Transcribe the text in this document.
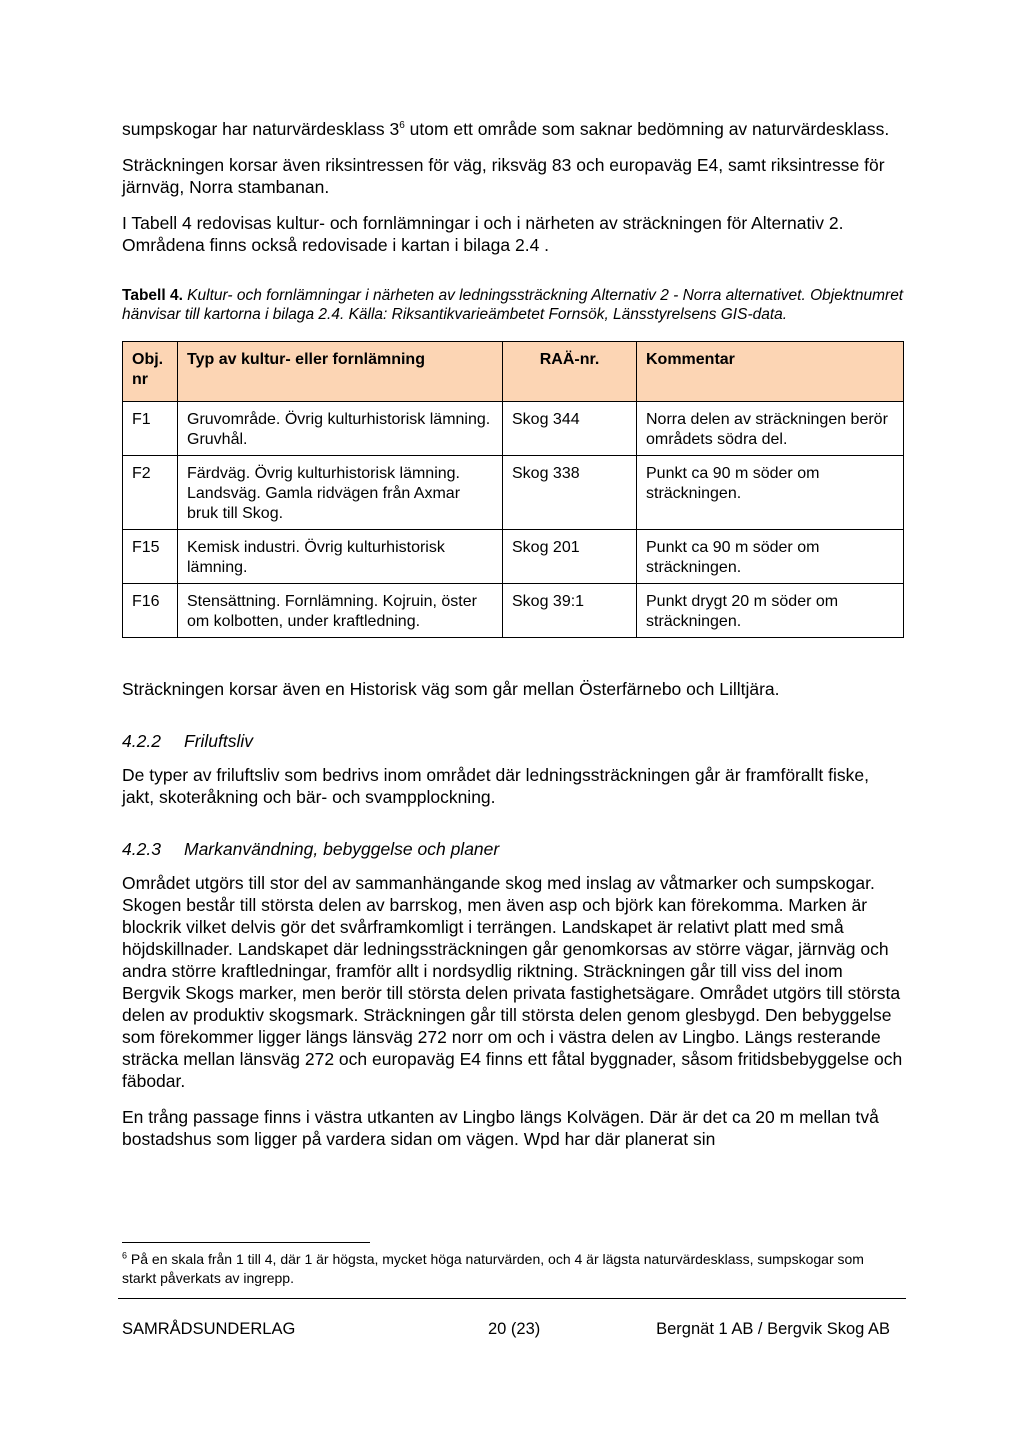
sumpskogar har naturvärdesklass $3^6$ utom ett område som saknar bedömning av naturvärdesklass.

Sträckningen korsar även riksintressen för väg, riksväg 83 och europaväg E4, samt riksintresse för järnväg, Norra stambanan.

I Tabell 4 redovisas kultur- och fornlämningar i och i närheten av sträckningen för Alternativ 2. Områdena finns också redovisade i kartan i bilaga 2.4 .

Tabell 4. Kultur- och fornlämningar i närheten av ledningssträckning Alternativ 2 - Norra alternativet. Objektnumret hänvisar till kartorna i bilaga 2.4. Källa: Riksantikvarieämbetet Fornsök, Länsstyrelsens GIS-data.
Obj. nr	Typ av kultur- eller fornlämning	RAÄ-nr.	Kommentar
F1	Gruvområde. Övrig kulturhistorisk lämning. Gruvhål.	Skog 344	Norra delen av sträckningen berör områdets södra del.
F2	Färdväg. Övrig kulturhistorisk lämning. Landsväg. Gamla ridvägen från Axmar bruk till Skog.	Skog 338	Punkt ca 90 m söder om sträckningen.
F15	Kemisk industri. Övrig kulturhistorisk lämning.	Skog 201	Punkt ca 90 m söder om sträckningen.
F16	Stensättning. Fornlämning. Kojruin, öster om kolbotten, under kraftledning.	Skog 39:1	Punkt drygt 20 m söder om sträckningen.

Sträckningen korsar även en Historisk väg som går mellan Österfärnebo och Lilltjära.

4.2.2 Friluftsliv

De typer av friluftsliv som bedrivs inom området där ledningssträckningen går är framförallt fiske, jakt, skoteråkning och bär- och svampplockning.

4.2.3 Markanvändning, bebyggelse och planer

Området utgörs till stor del av sammanhängande skog med inslag av våtmarker och sumpskogar. Skogen består till största delen av barrskog, men även asp och björk kan förekomma. Marken är blockrik vilket delvis gör det svårframkomligt i terrängen. Landskapet är relativt platt med små höjdskillnader. Landskapet där ledningssträckningen går genomkorsas av större vägar, järnväg och andra större kraftledningar, framför allt i nordsydlig riktning. Sträckningen går till viss del inom Bergvik Skogs marker, men berör till största delen privata fastighetsägare. Området utgörs till största delen av produktiv skogsmark. Sträckningen går till största delen genom glesbygd. Den bebyggelse som förekommer ligger längs länsväg 272 norr om och i västra delen av Lingbo. Längs resterande sträcka mellan länsväg 272 och europaväg E4 finns ett fåtal byggnader, såsom fritidsbebyggelse och fäbodar.

En trång passage finns i västra utkanten av Lingbo längs Kolvägen. Där är det ca 20 m mellan två bostadshus som ligger på vardera sidan om vägen. Wpd har där planerat sin

$^6$ På en skala från 1 till 4, där 1 är högsta, mycket höga naturvärden, och 4 är lägsta naturvärdesklass, sumpskogar som starkt påverkats av ingrepp.
SAMRÅDSUNDERLAG	20 (23)	Bergnät 1 AB / Bergvik Skog AB
